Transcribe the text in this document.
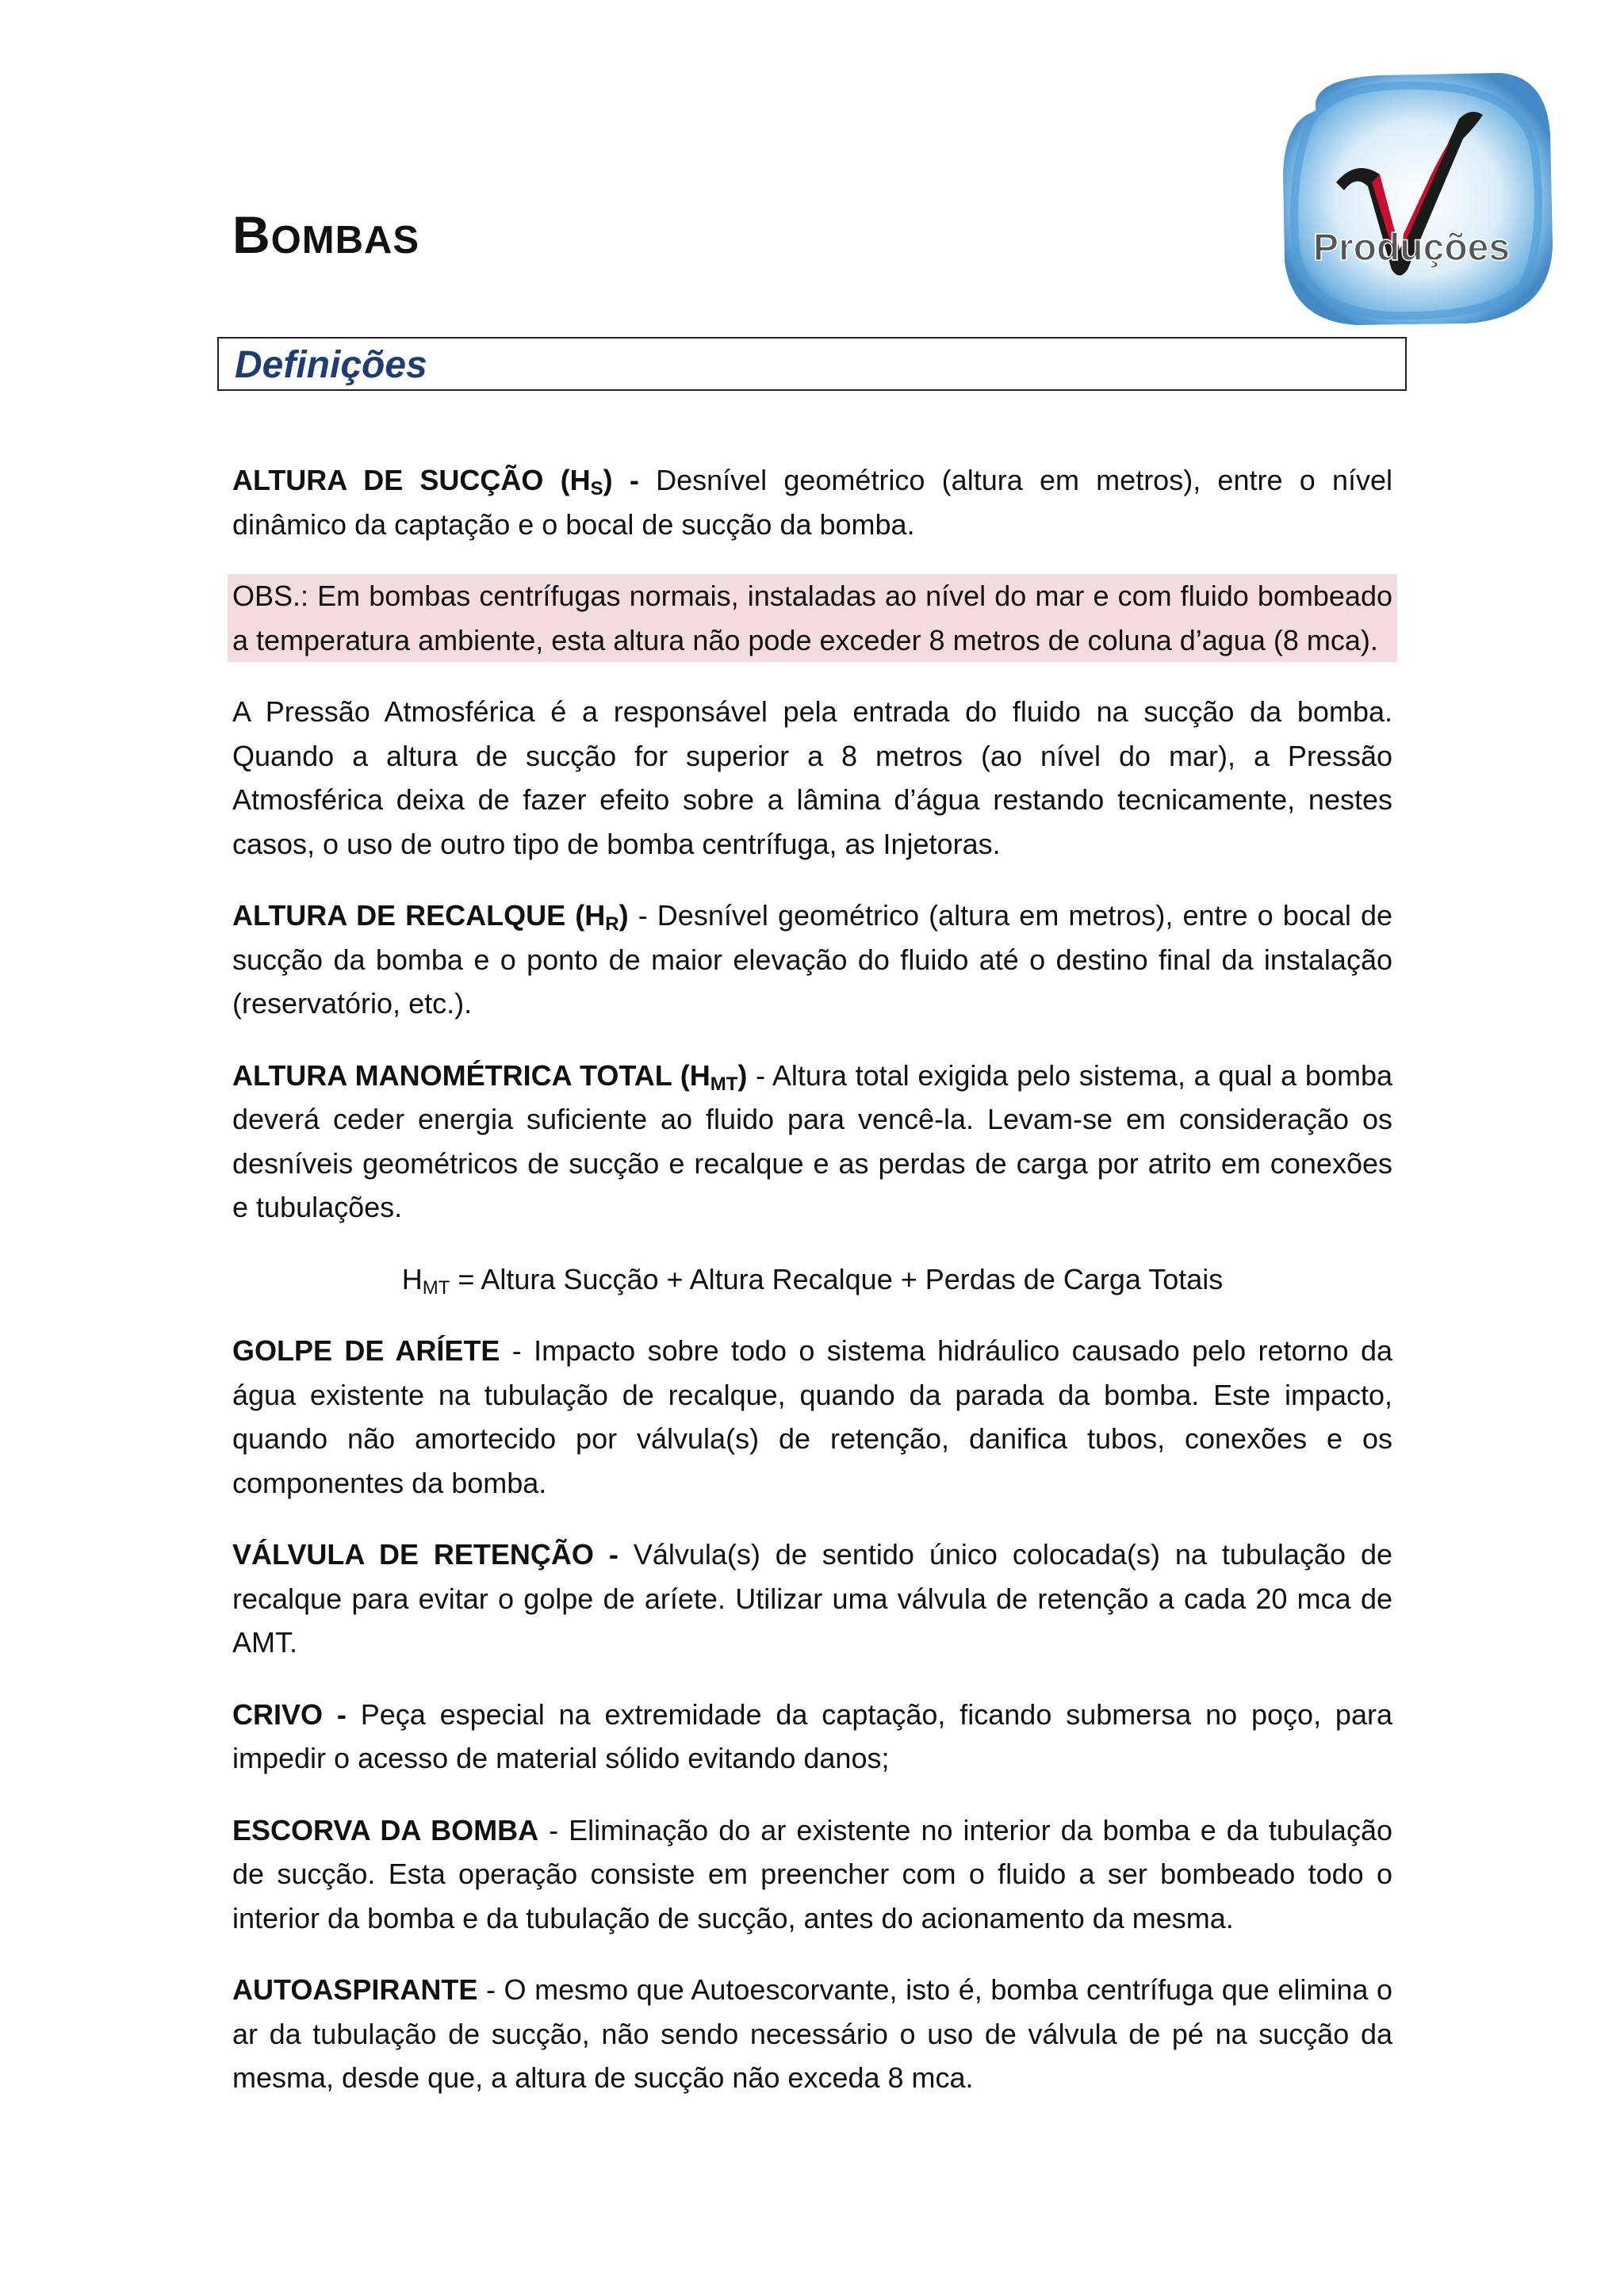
BOMBAS	Produções
Definições

ALTURA DE SUCÇÃO $(H_S)$ - Desnível geométrico (altura em metros), entre o nível dinâmico da captação e o bocal de sucção da bomba.

OBS.: Em bombas centrífugas normais, instaladas ao nível do mar e com fluido bombeado a temperatura ambiente, esta altura não pode exceder 8 metros de coluna d’agua (8 mca).

A Pressão Atmosférica é a responsável pela entrada do fluido na sucção da bomba. Quando a altura de sucção for superior a 8 metros (ao nível do mar), a Pressão Atmosférica deixa de fazer efeito sobre a lâmina d’água restando tecnicamente, nestes casos, o uso de outro tipo de bomba centrífuga, as Injetoras.

ALTURA DE RECALQUE $(H_R)$ - Desnível geométrico (altura em metros), entre o bocal de sucção da bomba e o ponto de maior elevação do fluido até o destino final da instalação (reservatório, etc.).

ALTURA MANOMÉTRICA TOTAL $(H_{MT})$ - Altura total exigida pelo sistema, a qual a bomba deverá ceder energia suficiente ao fluido para vencê-la. Levam-se em consideração os desníveis geométricos de sucção e recalque e as perdas de carga por atrito em conexões e tubulações.

$H_{MT}$ = Altura Sucção + Altura Recalque + Perdas de Carga Totais

GOLPE DE ARÍETE - Impacto sobre todo o sistema hidráulico causado pelo retorno da água existente na tubulação de recalque, quando da parada da bomba. Este impacto, quando não amortecido por válvula(s) de retenção, danifica tubos, conexões e os componentes da bomba.

VÁLVULA DE RETENÇÃO - Válvula(s) de sentido único colocada(s) na tubulação de recalque para evitar o golpe de aríete. Utilizar uma válvula de retenção a cada 20 mca de AMT.

CRIVO - Peça especial na extremidade da captação, ficando submersa no poço, para impedir o acesso de material sólido evitando danos;

ESCORVA DA BOMBA - Eliminação do ar existente no interior da bomba e da tubulação de sucção. Esta operação consiste em preencher com o fluido a ser bombeado todo o interior da bomba e da tubulação de sucção, antes do acionamento da mesma.

AUTOASPIRANTE - O mesmo que Autoescorvante, isto é, bomba centrífuga que elimina o ar da tubulação de sucção, não sendo necessário o uso de válvula de pé na sucção da mesma, desde que, a altura de sucção não exceda 8 mca.
